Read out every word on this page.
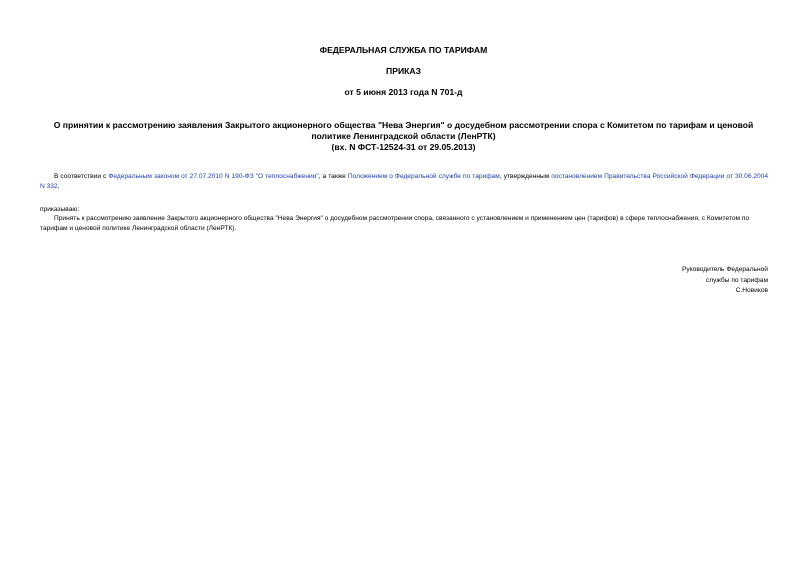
ФЕДЕРАЛЬНАЯ СЛУЖБА ПО ТАРИФАМ
ПРИКАЗ
от 5 июня 2013 года N 701-д
О принятии к рассмотрению заявления Закрытого акционерного общества "Нева Энергия" о досудебном рассмотрении спора с Комитетом по тарифам и ценовой
политике Ленинградской области (ЛенРТК)
(вх. N ФСТ-12524-31 от 29.05.2013)
В соответствии с Федеральным законом от 27.07.2010 N 190-ФЗ "О теплоснабжении", а также Положением о Федеральной службе по тарифам, утвержденным постановлением Правительства Российской Федерации от 30.06.2004 N 332,
приказываю:
Принять к рассмотрению заявление Закрытого акционерного общества "Нева Энергия" о досудебном рассмотрении спора, связанного с установлением и применением цен (тарифов) в сфере теплоснабжения, с Комитетом по тарифам и ценовой политике Ленинградской области (ЛенРТК).
Руководитель Федеральной
службы по тарифам
С.Новиков
